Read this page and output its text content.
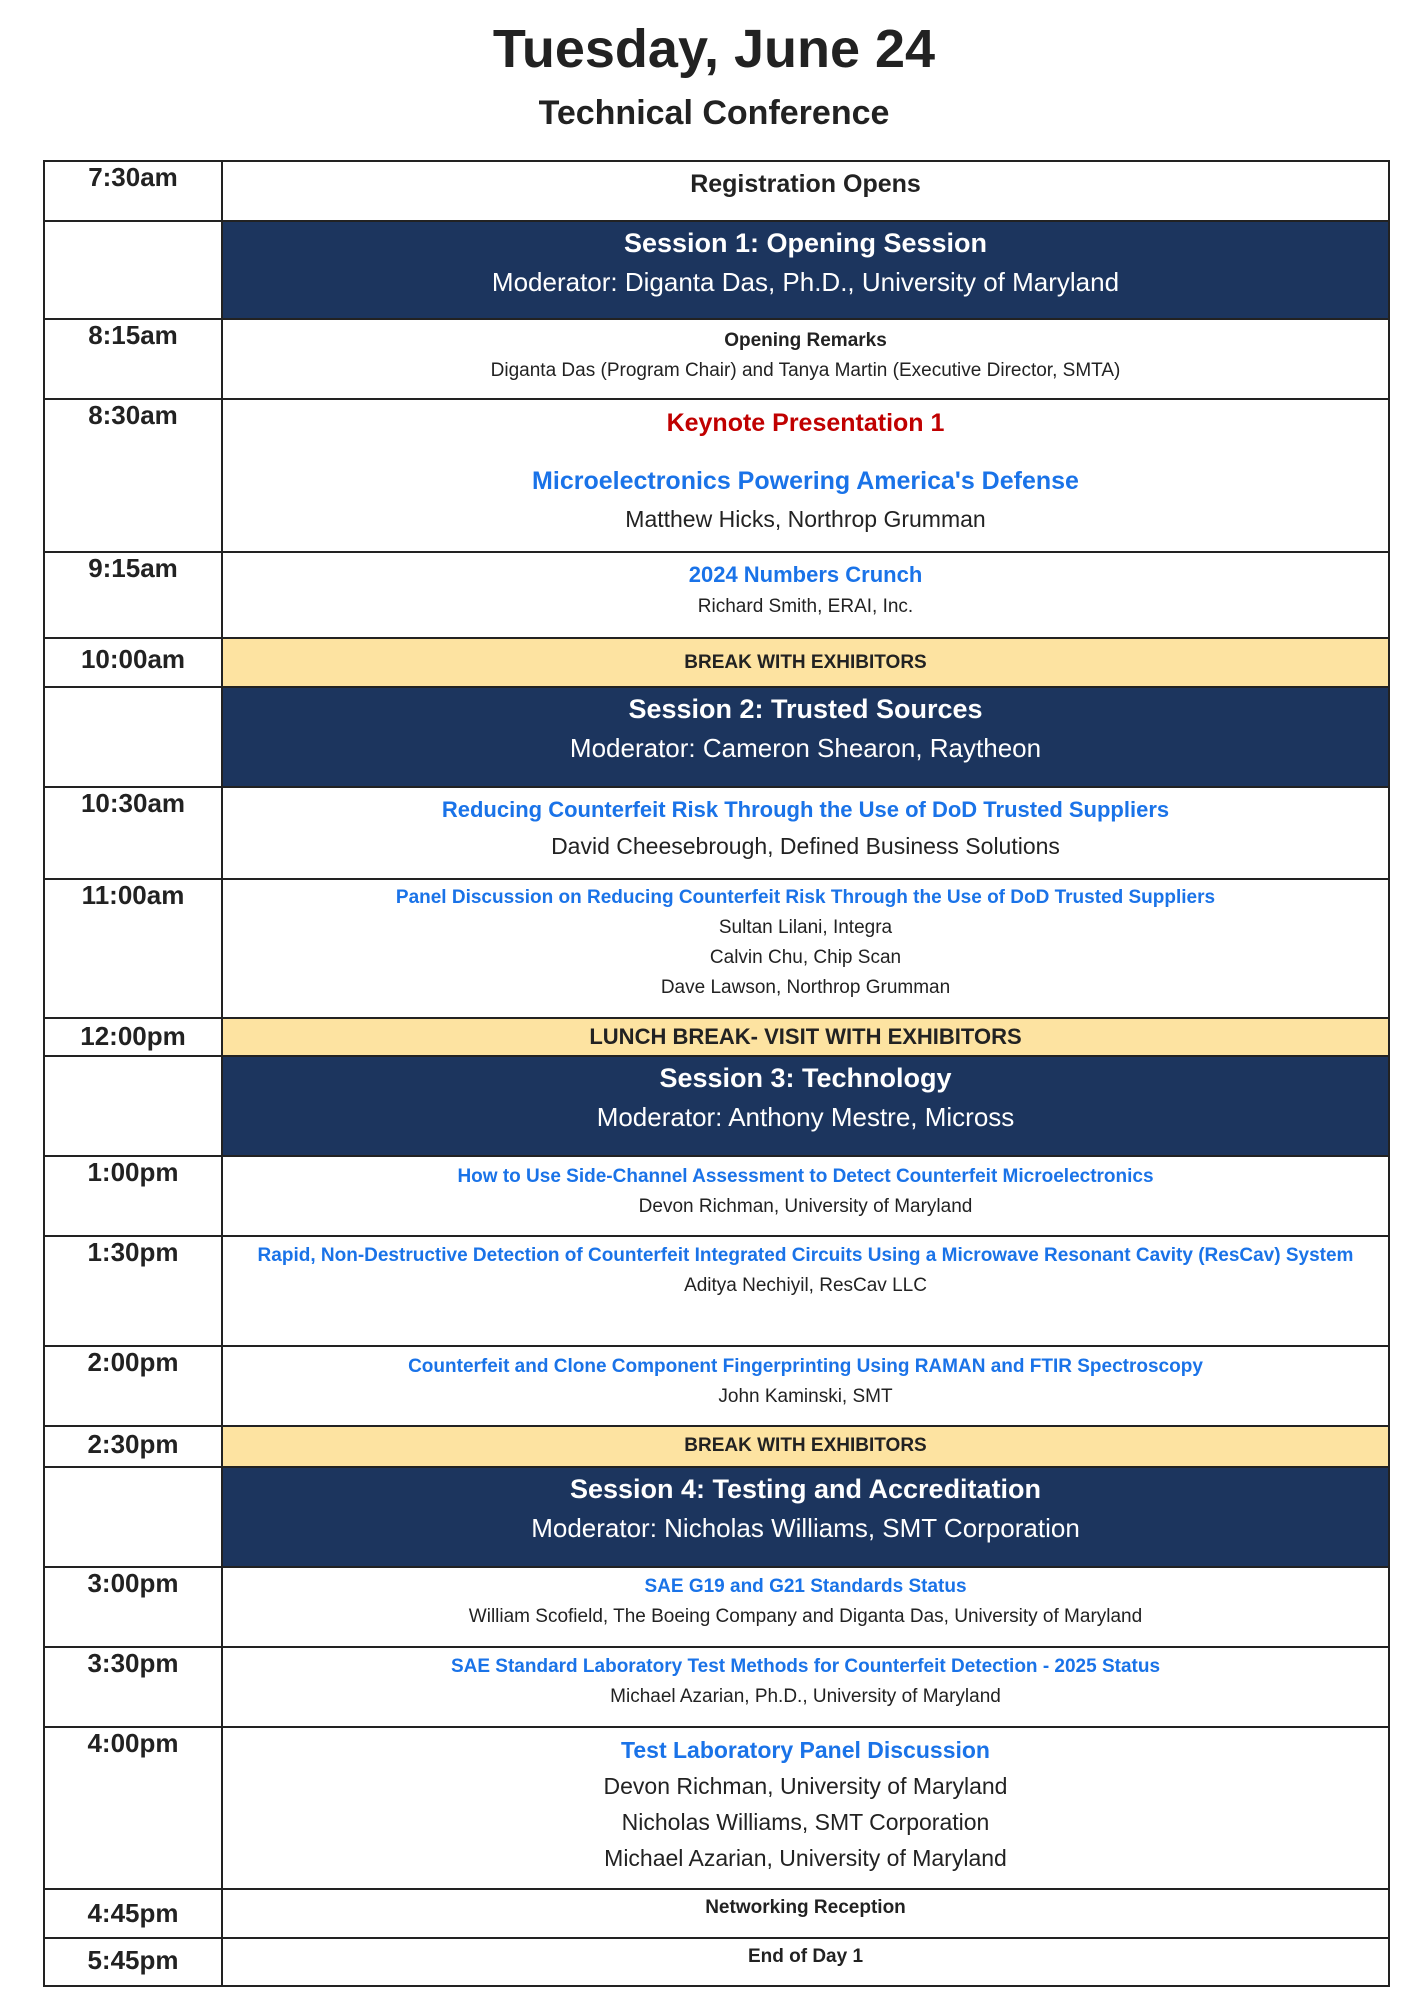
Tuesday, June 24
Technical Conference
7:30am	Registration Opens

	Session 1: Opening Session
Moderator: Diganta Das, Ph.D., University of Maryland

8:15am	Opening Remarks
Diganta Das (Program Chair) and Tanya Martin (Executive Director, SMTA)

8:30am	Keynote Presentation 1
Microelectronics Powering America's Defense
Matthew Hicks, Northrop Grumman

9:15am	2024 Numbers Crunch
Richard Smith, ERAI, Inc.

10:00am	BREAK WITH EXHIBITORS

	Session 2: Trusted Sources
Moderator: Cameron Shearon, Raytheon

10:30am	Reducing Counterfeit Risk Through the Use of DoD Trusted Suppliers
David Cheesebrough, Defined Business Solutions

11:00am	Panel Discussion on Reducing Counterfeit Risk Through the Use of DoD Trusted Suppliers
Sultan Lilani, Integra
Calvin Chu, Chip Scan
Dave Lawson, Northrop Grumman

12:00pm	LUNCH BREAK- VISIT WITH EXHIBITORS

	Session 3: Technology
Moderator: Anthony Mestre, Micross

1:00pm	How to Use Side-Channel Assessment to Detect Counterfeit Microelectronics
Devon Richman, University of Maryland

1:30pm	Rapid, Non-Destructive Detection of Counterfeit Integrated Circuits Using a Microwave Resonant Cavity (ResCav) System
Aditya Nechiyil, ResCav LLC

2:00pm	Counterfeit and Clone Component Fingerprinting Using RAMAN and FTIR Spectroscopy
John Kaminski, SMT

2:30pm	BREAK WITH EXHIBITORS

	Session 4: Testing and Accreditation
Moderator: Nicholas Williams, SMT Corporation

3:00pm	SAE G19 and G21 Standards Status
William Scofield, The Boeing Company and Diganta Das, University of Maryland

3:30pm	SAE Standard Laboratory Test Methods for Counterfeit Detection - 2025 Status
Michael Azarian, Ph.D., University of Maryland

4:00pm	Test Laboratory Panel Discussion
Devon Richman, University of Maryland
Nicholas Williams, SMT Corporation
Michael Azarian, University of Maryland

4:45pm	Networking Reception

5:45pm	End of Day 1
